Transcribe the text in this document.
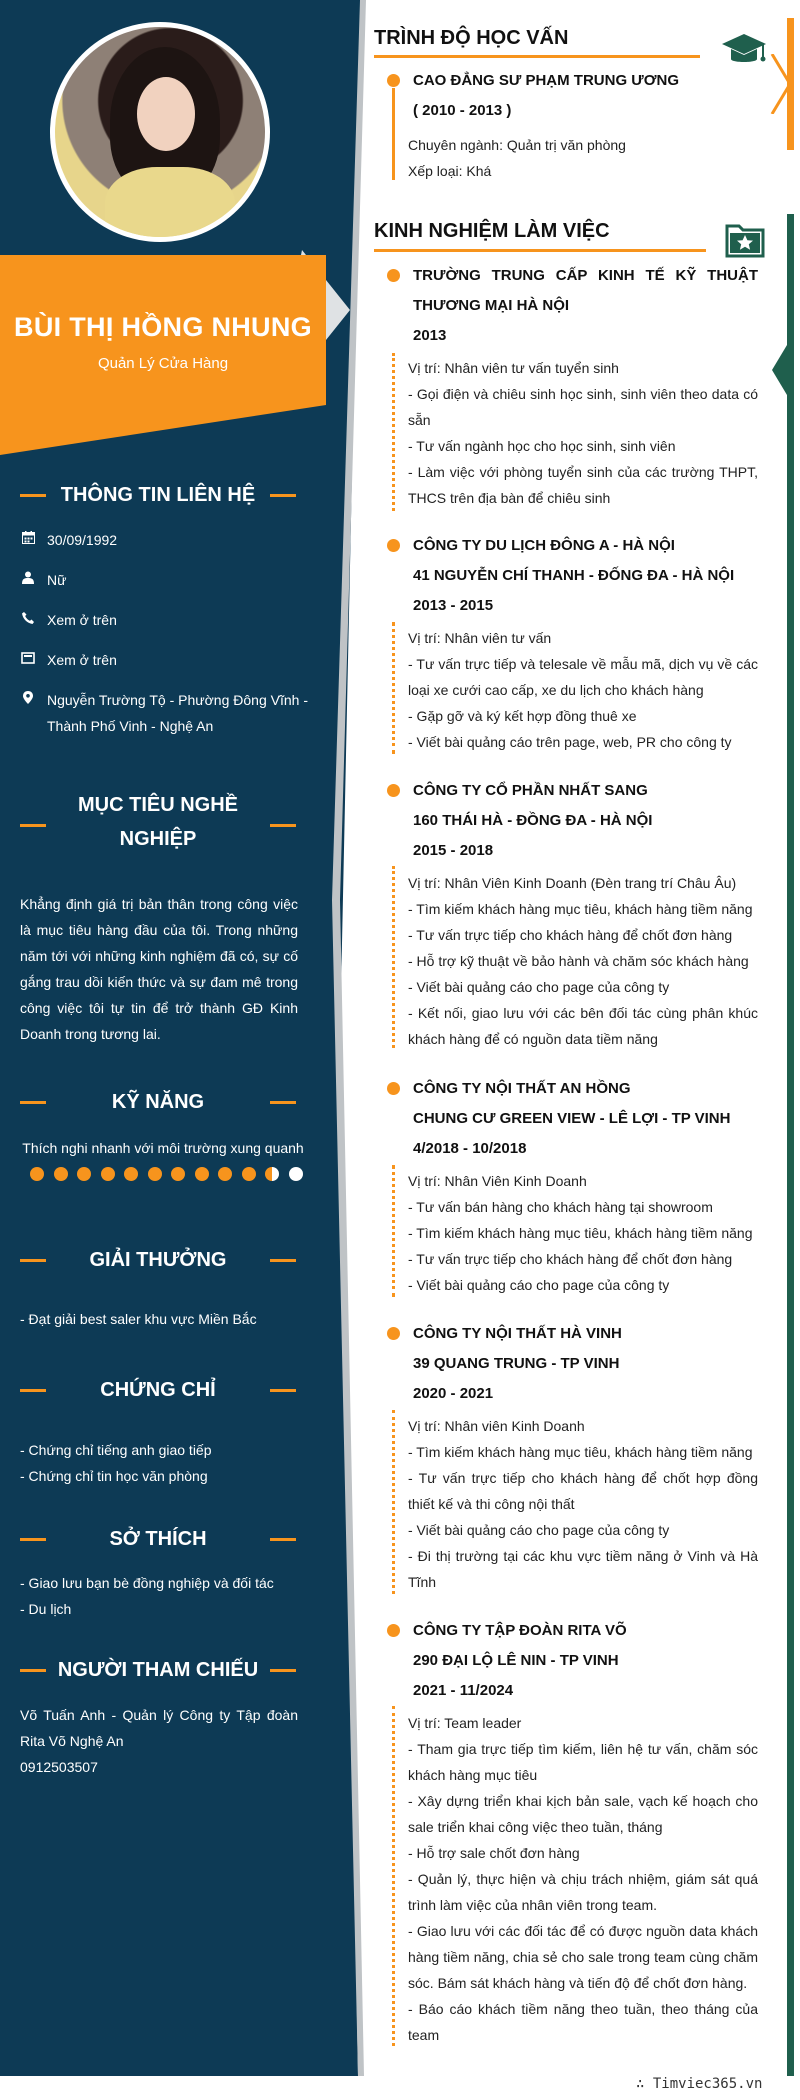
BÙI THỊ HỒNG NHUNG
Quản Lý Cửa Hàng
THÔNG TIN LIÊN HỆ
30/09/1992
Nữ
Xem ở trên
Xem ở trên
Nguyễn Trường Tộ - Phường Đông Vĩnh - Thành Phố Vinh - Nghệ An
MỤC TIÊU NGHỀ
NGHIỆP
Khẳng định giá trị bản thân trong công việc là mục tiêu hàng đầu của tôi. Trong những năm tới với những kinh nghiệm đã có, sự cố gắng trau dồi kiến thức và sự đam mê trong công việc tôi tự tin để trở thành GĐ Kinh Doanh trong tương lai.
KỸ NĂNG
Thích nghi nhanh với môi trường xung quanh
GIẢI THƯỞNG
- Đạt giải best saler khu vực Miền Bắc
CHỨNG CHỈ
- Chứng chỉ tiếng anh giao tiếp
- Chứng chỉ tin học văn phòng
SỞ THÍCH
- Giao lưu bạn bè đồng nghiệp và đối tác
- Du lịch
NGƯỜI THAM CHIẾU
Võ Tuấn Anh - Quản lý Công ty Tập đoàn Rita Võ Nghệ An
0912503507
TRÌNH ĐỘ HỌC VẤN
CAO ĐẲNG SƯ PHẠM TRUNG ƯƠNG
( 2010 - 2013 )
Chuyên ngành: Quản trị văn phòng
Xếp loại: Khá
KINH NGHIỆM LÀM VIỆC
TRƯỜNG TRUNG CẤP KINH TẾ KỸ THUẬT THƯƠNG MẠI HÀ NỘI
2013

Vị trí: Nhân viên tư vấn tuyển sinh

- Gọi điện và chiêu sinh học sinh, sinh viên theo data có sẵn

- Tư vấn ngành học cho học sinh, sinh viên

- Làm việc với phòng tuyển sinh của các trường THPT, THCS trên địa bàn để chiêu sinh

CÔNG TY DU LỊCH ĐÔNG A - HÀ NỘI
41 NGUYỄN CHÍ THANH - ĐỐNG ĐA - HÀ NỘI
2013 - 2015

Vị trí: Nhân viên tư vấn

- Tư vấn trực tiếp và telesale về mẫu mã, dịch vụ về các loại xe cưới cao cấp, xe du lịch cho khách hàng

- Gặp gỡ và ký kết hợp đồng thuê xe

- Viết bài quảng cáo trên page, web, PR cho công ty

CÔNG TY CỔ PHẦN NHẤT SANG
160 THÁI HÀ - ĐỒNG ĐA - HÀ NỘI
2015 - 2018

Vị trí: Nhân Viên Kinh Doanh (Đèn trang trí Châu Âu)

- Tìm kiếm khách hàng mục tiêu, khách hàng tiềm năng

- Tư vấn trực tiếp cho khách hàng để chốt đơn hàng

- Hỗ trợ kỹ thuật về bảo hành và chăm sóc khách hàng

- Viết bài quảng cáo cho page của công ty

- Kết nối, giao lưu với các bên đối tác cùng phân khúc khách hàng để có nguồn data tiềm năng

CÔNG TY NỘI THẤT AN HỒNG
CHUNG CƯ GREEN VIEW - LÊ LỢI - TP VINH
4/2018 - 10/2018

Vị trí: Nhân Viên Kinh Doanh

- Tư vấn bán hàng cho khách hàng tại showroom

- Tìm kiếm khách hàng mục tiêu, khách hàng tiềm năng

- Tư vấn trực tiếp cho khách hàng để chốt đơn hàng

- Viết bài quảng cáo cho page của công ty

CÔNG TY NỘI THẤT HÀ VINH
39 QUANG TRUNG - TP VINH
2020 - 2021

Vị trí: Nhân viên Kinh Doanh

- Tìm kiếm khách hàng mục tiêu, khách hàng tiềm năng

- Tư vấn trực tiếp cho khách hàng để chốt hợp đồng thiết kế và thi công nội thất

- Viết bài quảng cáo cho page của công ty

- Đi thị trường tại các khu vực tiềm năng ở Vinh và Hà Tĩnh

CÔNG TY TẬP ĐOÀN RITA VÕ
290 ĐẠI LỘ LÊ NIN - TP VINH
2021 - 11/2024

Vị trí: Team leader

- Tham gia trực tiếp tìm kiếm, liên hệ tư vấn, chăm sóc khách hàng mục tiêu

- Xây dựng triển khai kịch bản sale, vạch kế hoạch cho sale triển khai công việc theo tuần, tháng

- Hỗ trợ sale chốt đơn hàng

- Quản lý, thực hiện và chịu trách nhiệm, giám sát quá trình làm việc của nhân viên trong team.

- Giao lưu với các đối tác để có được nguồn data khách hàng tiềm năng, chia sẻ cho sale trong team cùng chăm sóc. Bám sát khách hàng và tiến độ để chốt đơn hàng.

- Báo cáo khách tiềm năng theo tuần, theo tháng của team

∴ Timviec365.vn
